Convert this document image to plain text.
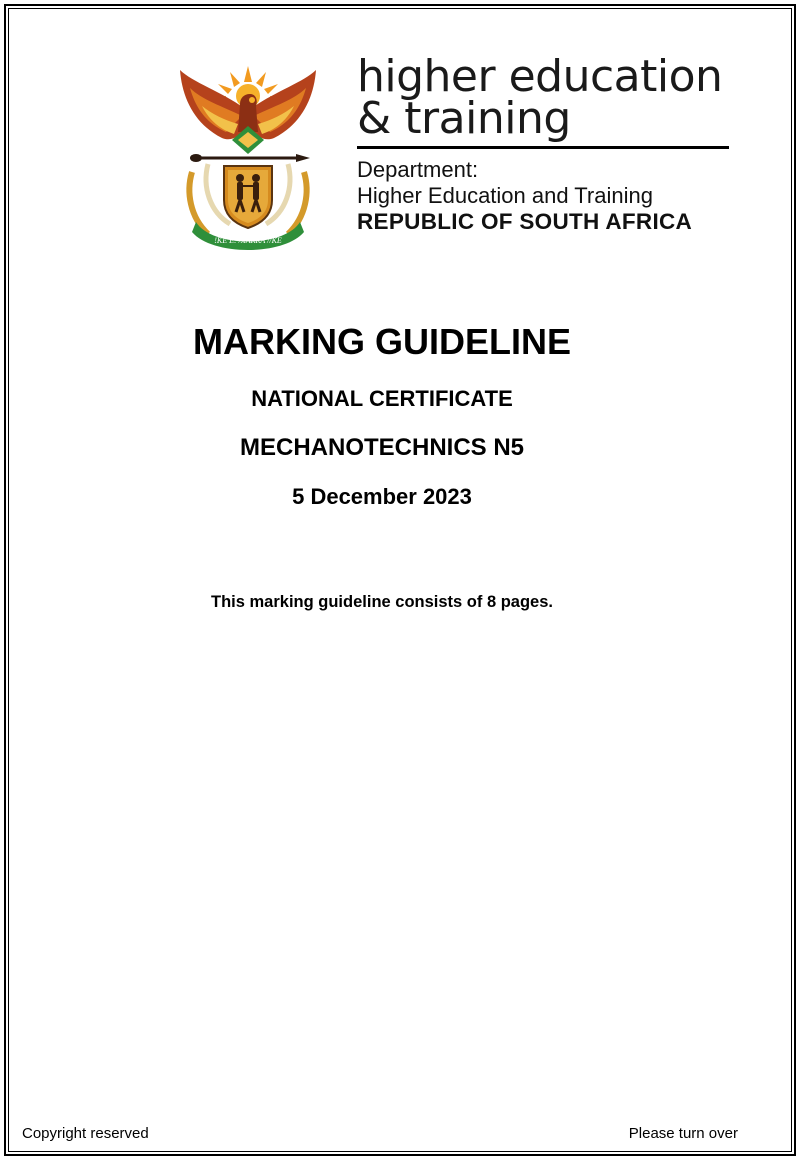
!KE E: /XARRA //KE
higher education
& training
Department:
Higher Education and Training
REPUBLIC OF SOUTH AFRICA
MARKING GUIDELINE
NATIONAL CERTIFICATE
MECHANOTECHNICS N5
5 December 2023
This marking guideline consists of 8 pages.
Copyright reserved	Please turn over
